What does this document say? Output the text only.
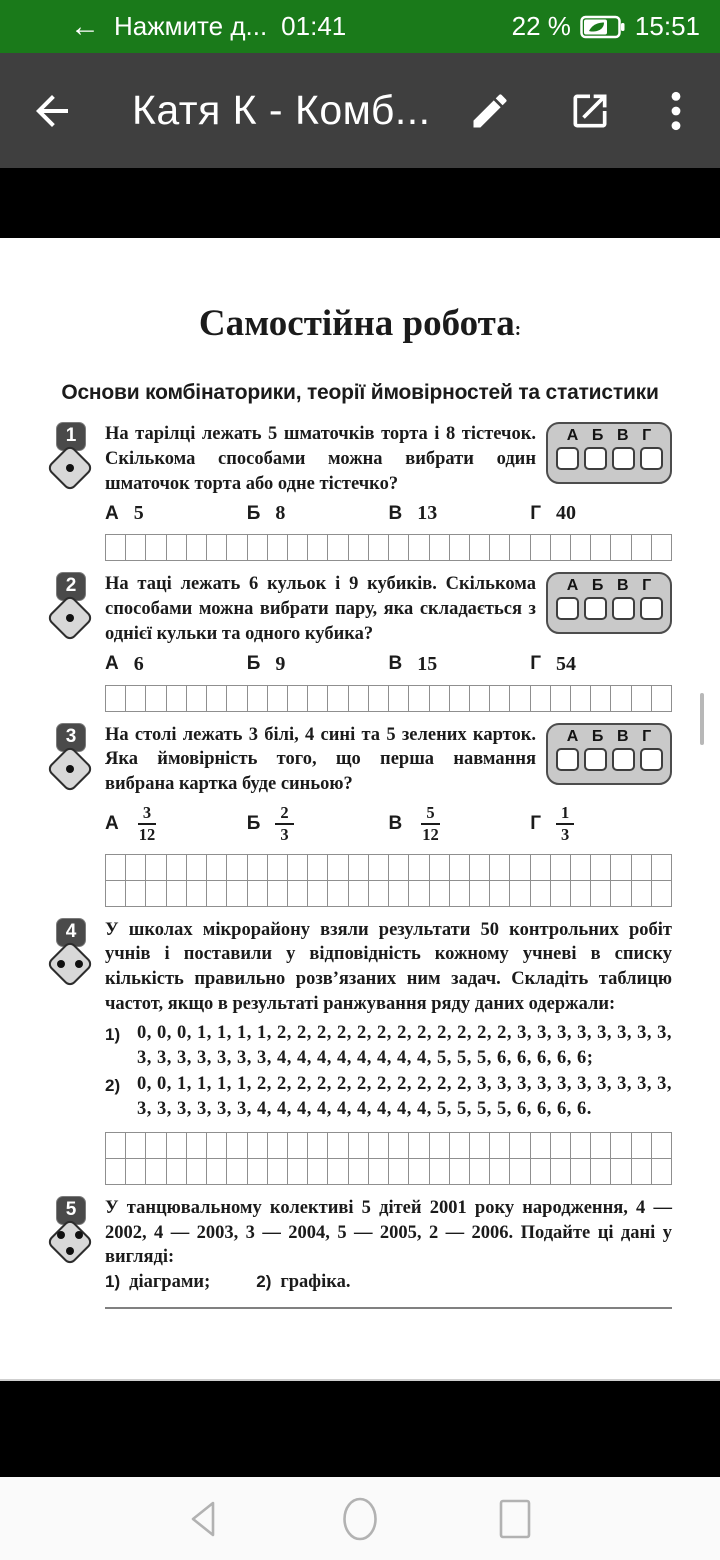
← Нажмите д... 01:41	22 % 15:51
Катя К - Комб...
Самостійна робота:
Основи комбінаторики, теорії ймовірностей та статистики
1	На тарілці лежать 5 шматочків торта і 8 тістечок. Скількома способами можна вибрати один шматочок торта або одне тістечко?
А Б В Г
А 5	Б 8	В 13	Г 40
2	На таці лежать 6 кульок і 9 кубиків. Скількома способами можна вибрати пару, яка складається з однієї кульки та одного кубика?
А Б В Г
А 6	Б 9	В 15	Г 54
3	На столі лежать 3 білі, 4 сині та 5 зелених карток. Яка ймовірність того, що перша навмання вибрана картка буде синьою?
А Б В Г
А $\frac{3}{12}$	Б $\frac{2}{3}$	В $\frac{5}{12}$	Г $\frac{1}{3}$
4	У школах мікрорайону взяли результати 50 контрольних робіт учнів і поставили у відповідність кожному учневі в списку кількість правильно розв’язаних ним задач. Складіть таблицю частот, якщо в результаті ранжування ряду даних одержали:
1) 0, 0, 0, 1, 1, 1, 1, 2, 2, 2, 2, 2, 2, 2, 2, 2, 2, 2, 2, 3, 3, 3, 3, 3, 3, 3, 3, 3, 3, 3, 3, 3, 3, 3, 4, 4, 4, 4, 4, 4, 4, 4, 5, 5, 5, 6, 6, 6, 6, 6;
2) 0, 0, 1, 1, 1, 1, 2, 2, 2, 2, 2, 2, 2, 2, 2, 2, 2, 3, 3, 3, 3, 3, 3, 3, 3, 3, 3, 3, 3, 3, 3, 3, 3, 4, 4, 4, 4, 4, 4, 4, 4, 4, 5, 5, 5, 5, 6, 6, 6, 6.
5	У танцювальному колективі 5 дітей 2001 року народження, 4 — 2002, 4 — 2003, 3 — 2004, 5 — 2005, 2 — 2006. Подайте ці дані у вигляді:
1) діаграми;	2) графіка.
